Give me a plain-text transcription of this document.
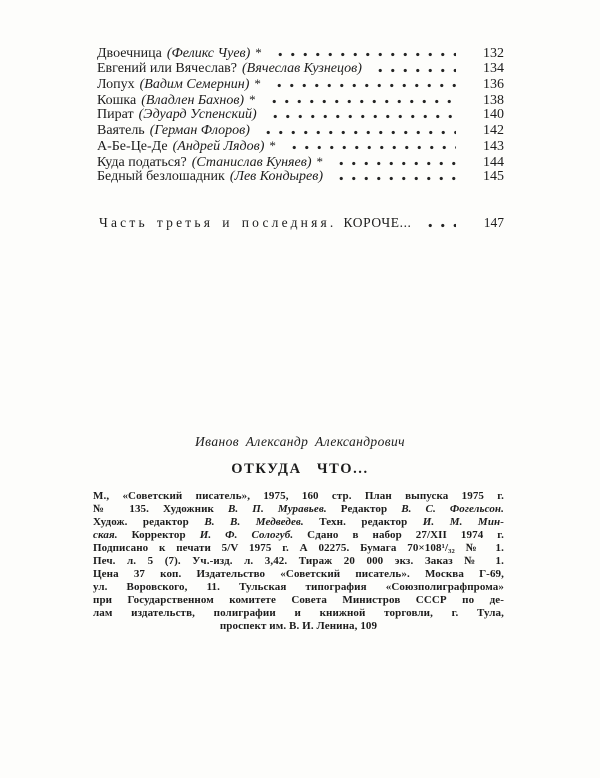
Двоечница (Феликс Чуев) *	132
Евгений или Вячеслав? (Вячеслав Кузнецов)	134
Лопух (Вадим Семернин) *	136
Кошка (Владлен Бахнов) *	138
Пират (Эдуард Успенский)	140
Ваятель (Герман Флоров)	142
А-Бе-Це-Де (Андрей Лядов) *	143
Куда податься? (Станислав Куняев) *	144
Бедный безлошадник (Лев Кондырев)	145
Часть третья и последняя. КОРОЧЕ...	147
Иванов Александр Александрович
ОТКУДА ЧТО...
М., «Советский писатель», 1975, 160 стр. План выпуска 1975 г.
№ 135. Художник В. П. Муравьев. Редактор В. С. Фогельсон.
Худож. редактор В. В. Медведев. Техн. редактор И. М. Мин-
ская. Корректор И. Ф. Сологуб. Сдано в набор 27/XII 1974 г.
Подписано к печати 5/V 1975 г. А 02275. Бумага 70×108¹/₃₂ № 1.
Печ. л. 5 (7). Уч.-изд. л. 3,42. Тираж 20 000 экз. Заказ № 1.
Цена 37 коп. Издательство «Советский писатель». Москва Г-69,
ул. Воровского, 11. Тульская типография «Союзполиграфпрома»
при Государственном комитете Совета Министров СССР по де-
лам издательств, полиграфии и книжной торговли, г. Тула,
проспект им. В. И. Ленина, 109
